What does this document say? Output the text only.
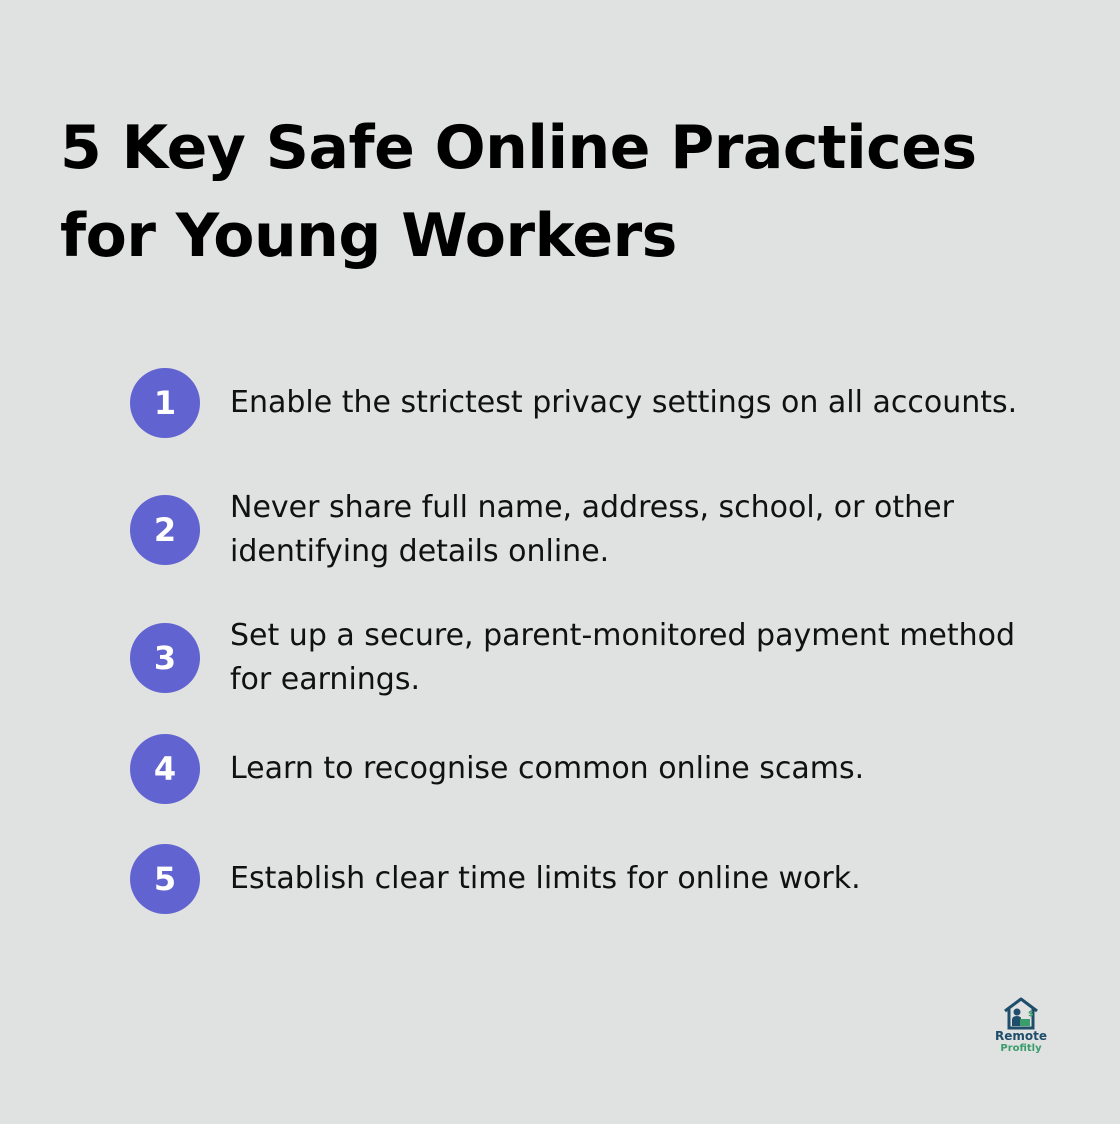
5 Key Safe Online Practices for Young Workers
1	Enable the strictest privacy settings on all accounts.
2
Never share full name, address, school, or other identifying details online.
3
Set up a secure, parent-monitored payment method for earnings.
4	Learn to recognise common online scams.
5	Establish clear time limits for online work.
$
Remote
Profitly
